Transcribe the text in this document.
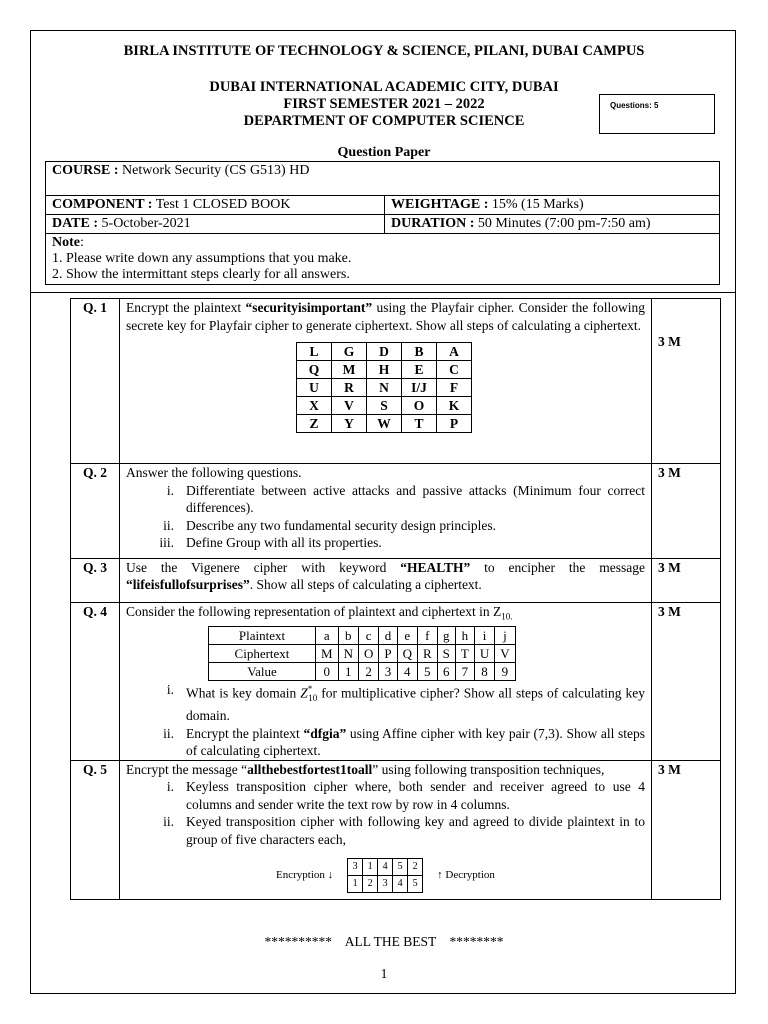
BIRLA INSTITUTE OF TECHNOLOGY & SCIENCE, PILANI, DUBAI CAMPUS
DUBAI INTERNATIONAL ACADEMIC CITY, DUBAI
FIRST SEMESTER 2021 – 2022
DEPARTMENT OF COMPUTER SCIENCE
Questions: 5
Question Paper
COURSE : Network Security (CS G513) HD
COMPONENT : Test 1 CLOSED BOOK	WEIGHTAGE : 15% (15 Marks)
DATE : 5-October-2021	DURATION : 50 Minutes (7:00 pm-7:50 am)
Note:
1. Please write down any assumptions that you make.
2. Show the intermittant steps clearly for all answers.
Q. 1	Encrypt the plaintext “securityisimportant” using the Playfair cipher. Consider the following secrete key for Playfair cipher to generate ciphertext. Show all steps of calculating a ciphertext.
L	G	D	B	A
Q	M	H	E	C
U	R	N	I/J	F
X	V	S	O	K
Z	Y	W	T	P
	3 M
Q. 2	Answer the following questions.
i. Differentiate between active attacks and passive attacks (Minimum four correct differences).
ii. Describe any two fundamental security design principles.
iii. Define Group with all its properties.
	3 M
Q. 3	Use the Vigenere cipher with keyword “HEALTH” to encipher the message “lifeisfullofsurprises”. Show all steps of calculating a ciphertext.	3 M
Q. 4	Consider the following representation of plaintext and ciphertext in $Z_{10.}$
Plaintext	a	b	c	d	e	f	g	h	i	j
Ciphertext	M	N	O	P	Q	R	S	T	U	V
Value	0	1	2	3	4	5	6	7	8	9
i. What is key domain $Z^*_{10}$ for multiplicative cipher? Show all steps of calculating key domain.
ii. Encrypt the plaintext “dfgia” using Affine cipher with key pair (7,3). Show all steps of calculating ciphertext.
	3 M
Q. 5	Encrypt the message “allthebestfortest1toall” using following transposition techniques,
i. Keyless transposition cipher where, both sender and receiver agreed to use 4 columns and sender write the text row by row in 4 columns.
ii. Keyed transposition cipher with following key and agreed to divide plaintext in to group of five characters each,
Encryption ↓
3	1	4	5	2
1	2	3	4	5
↑ Decryption
	3 M
**********    ALL THE BEST    ********
1
